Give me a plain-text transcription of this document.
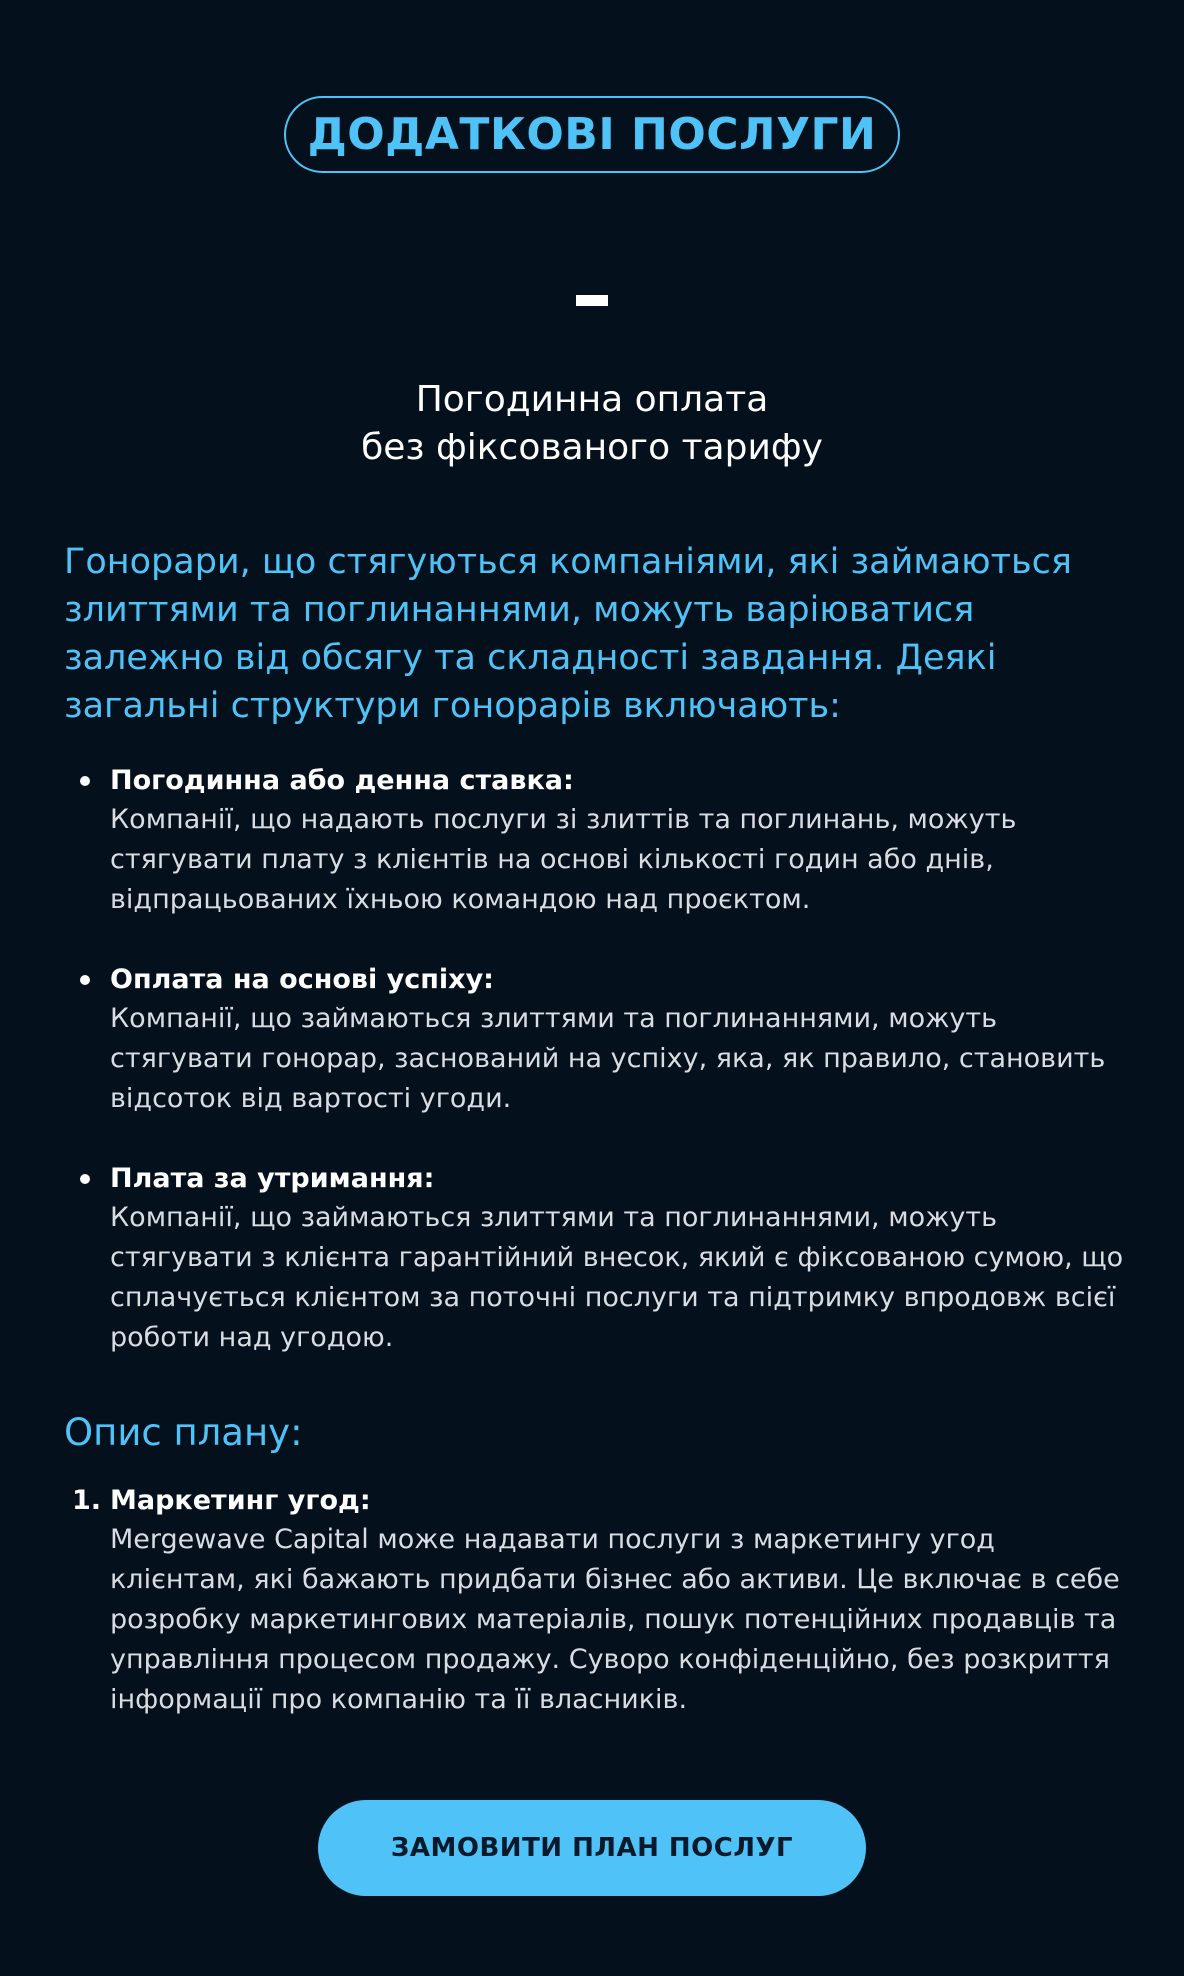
ДОДАТКОВІ ПОСЛУГИ
Погодинна оплата
без фіксованого тарифу

Гонорари, що стягуються компаніями, які займаються злиттями та поглинаннями, можуть варіюватися залежно від обсягу та складності завдання. Деякі загальні структури гонорарів включають:

Погодинна або денна ставка:
Компанії, що надають послуги зі злиттів та поглинань, можуть стягувати плату з клієнтів на основі кількості годин або днів, відпрацьованих їхньою командою над проєктом.
Оплата на основі успіху:
Компанії, що займаються злиттями та поглинаннями, можуть стягувати гонорар, заснований на успіху, яка, як правило, становить відсоток від вартості угоди.
Плата за утримання:
Компанії, що займаються злиттями та поглинаннями, можуть стягувати з клієнта гарантійний внесок, який є фіксованою сумою, що сплачується клієнтом за поточні послуги та підтримку впродовж всієї роботи над угодою.
Опис плану:
1. Маркетинг угод:
Mergewave Capital може надавати послуги з маркетингу угод клієнтам, які бажають придбати бізнес або активи. Це включає в себе розробку маркетингових матеріалів, пошук потенційних продавців та управління процесом продажу. Суворо конфіденційно, без розкриття інформації про компанію та її власників.
ЗАМОВИТИ ПЛАН ПОСЛУГ
